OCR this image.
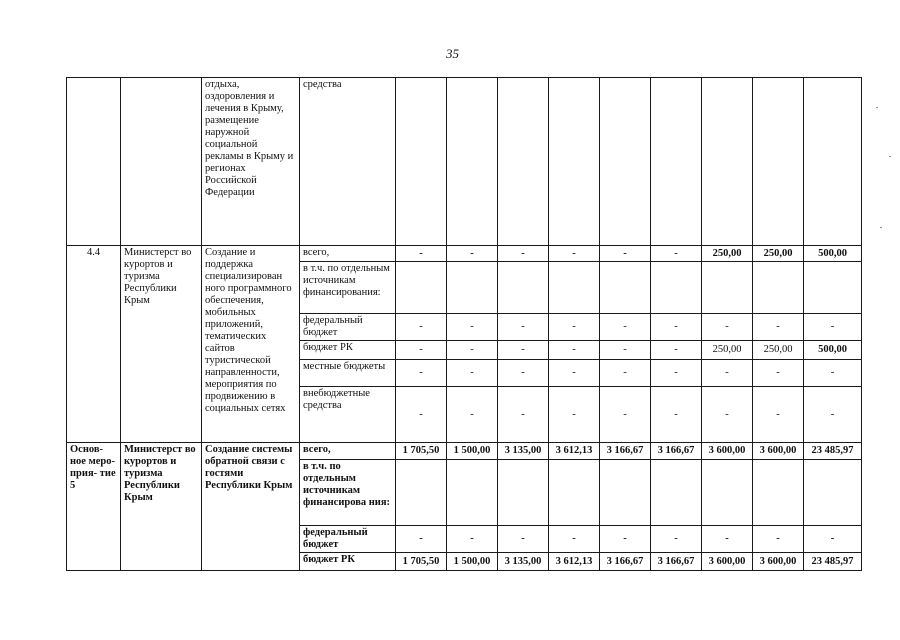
35
		отдыха, оздоровления и лечения в Крыму, размещение наружной социальной рекламы в Крыму и регионах Российской Федерации	средства									
4.4	Министерст во курортов и туризма Республики Крым	Создание и поддержка специализирован ного программного обеспечения, мобильных приложений, тематических сайтов туристической направленности, мероприятия по продвижению в социальных сетях	всего,	-	-	-	-	-	-	250,00	250,00	500,00
			в т.ч. по отдельным источникам финансирования:									
			федеральный бюджет	-	-	-	-	-	-	-	-	-
			бюджет РК	-	-	-	-	-	-	250,00	250,00	500,00
			местные бюджеты	-	-	-	-	-	-	-	-	-
			внебюджетные средства	-	-	-	-	-	-	-	-	-
Основ- ное меро- прия- тие 5	Министерст во курортов и туризма Республики Крым	Создание системы обратной связи с гостями Республики Крым	всего,	1 705,50	1 500,00	3 135,00	3 612,13	3 166,67	3 166,67	3 600,00	3 600,00	23 485,97
			в т.ч. по отдельным источникам финансирова ния:									
			федеральный бюджет	-	-	-	-	-	-	-	-	-
			бюджет РК	1 705,50	1 500,00	3 135,00	3 612,13	3 166,67	3 166,67	3 600,00	3 600,00	23 485,97
